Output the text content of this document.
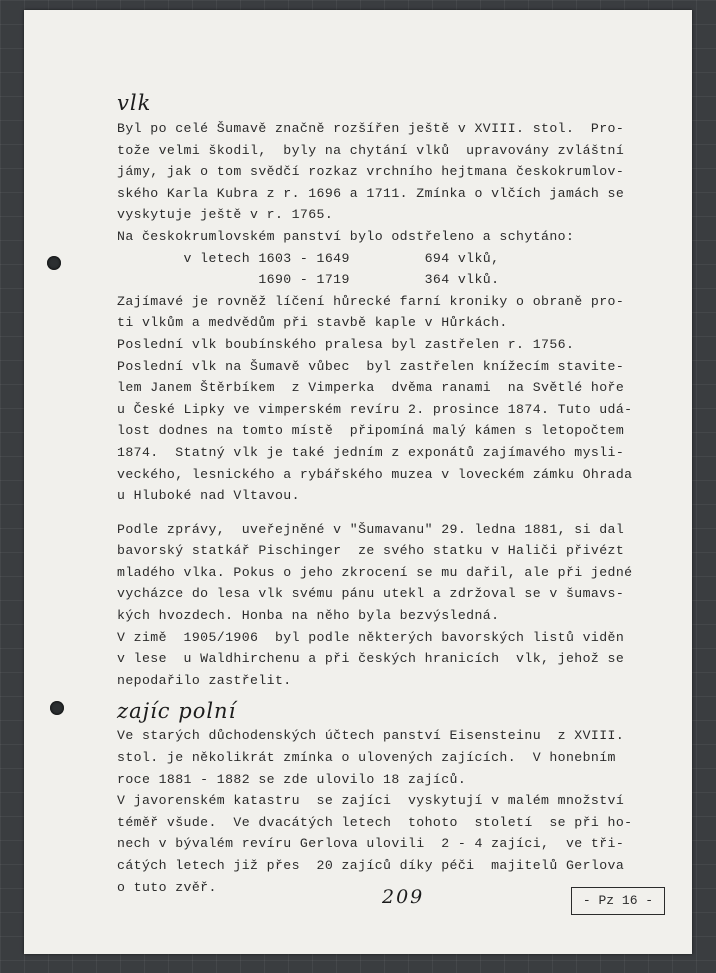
vlk
Byl po celé Šumavě značně rozšířen ještě v XVIII. stol.  Pro-
tože velmi škodil,  byly na chytání vlků  upravovány zvláštní
jámy, jak o tom svědčí rozkaz vrchního hejtmana českokrumlov-
ského Karla Kubra z r. 1696 a 1711. Zmínka o vlčích jamách se
vyskytuje ještě v r. 1765.
Na českokrumlovském panství bylo odstřeleno a schytáno:
v letech 1603 - 1649         694 vlků,
1690 - 1719         364 vlků.
Zajímavé je rovněž líčení hůrecké farní kroniky o obraně pro-
ti vlkům a medvědům při stavbě kaple v Hůrkách.
Poslední vlk boubínského pralesa byl zastřelen r. 1756.
Poslední vlk na Šumavě vůbec  byl zastřelen knížecím stavite-
lem Janem Štěrbíkem  z Vimperka  dvěma ranami  na Světlé hoře
u České Lipky ve vimperském revíru 2. prosince 1874. Tuto udá-
lost dodnes na tomto místě  připomíná malý kámen s letopočtem
1874.  Statný vlk je také jedním z exponátů zajímavého mysli-
veckého, lesnického a rybářského muzea v loveckém zámku Ohrada
u Hluboké nad Vltavou.
Podle zprávy,  uveřejněné v "Šumavanu" 29. ledna 1881, si dal
bavorský statkář Pischinger  ze svého statku v Haliči přivézt
mladého vlka. Pokus o jeho zkrocení se mu dařil, ale při jedné
vycházce do lesa vlk svému pánu utekl a zdržoval se v šumavs-
kých hvozdech. Honba na něho byla bezvýsledná.
V zimě  1905/1906  byl podle některých bavorských listů viděn
v lese  u Waldhirchenu a při českých hranicích  vlk, jehož se
nepodařilo zastřelit.
zajíc polní
Ve starých důchodenských účtech panství Eisensteinu  z XVIII.
stol. je několikrát zmínka o ulovených zajících.  V honebním
roce 1881 - 1882 se zde ulovilo 18 zajíců.
V javorenském katastru  se zajíci  vyskytují v malém množství
téměř všude.  Ve dvacátých letech  tohoto  století  se při ho-
nech v bývalém revíru Gerlova ulovili  2 - 4 zajíci,  ve tři-
cátých letech již přes  20 zajíců díky péči  majitelů Gerlova
o tuto zvěř.	209	- Pz 16 -
